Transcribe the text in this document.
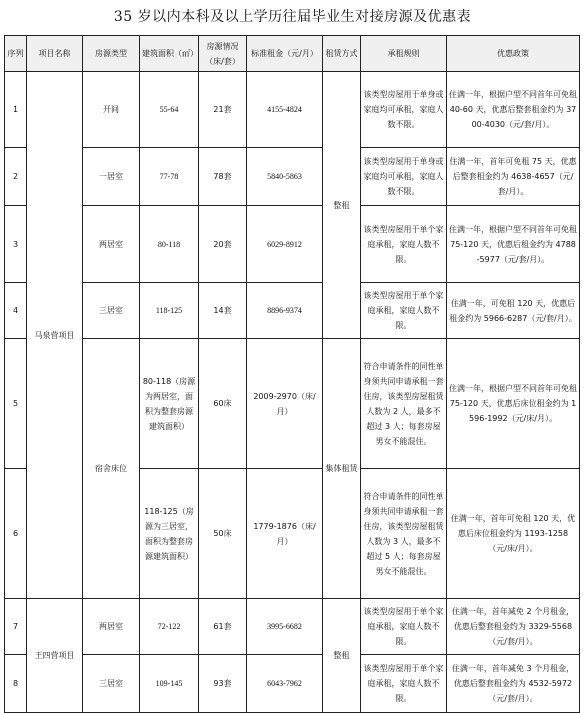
35 岁以内本科及以上学历往届毕业生对接房源及优惠表
序列	项目名称	房源类型	建筑面积（㎡）	房源情况（床/套）	标准租金（元/月）	租赁方式	承租规则	优惠政策
1	马泉营项目	开间	55-64	21套	4155-4824	整租	该类型房屋用于单身或家庭均可承租，家庭人数不限。	住满一年，根据户型不同首年可免租 40-60 天，优惠后整套租金约为 3700-4030（元/套/月）。
2		一居室	77-78	78套	5840-5863		该类型房屋用于单身或家庭均可承租，家庭人数不限。	住满一年，首年可免租 75 天，优惠后整套租金约为 4638-4657（元/套/月）。
3		两居室	80-118	20套	6029-8912		该类型房屋用于单个家庭承租，家庭人数不限。	住满一年，根据户型不同首年可免租 75-120 天，优惠后租金约为 4788-5977（元/套/月）。
4		三居室	118-125	14套	8896-9374		该类型房屋用于单个家庭承租，家庭人数不限。	住满一年，可免租 120 天，优惠后租金约为 5966-6287（元/套/月）。
5		宿舍床位	80-118（房源为两居室，面积为整套房源建筑面积）	60床	2009-2970（床/月）	集体租赁	符合申请条件的同性单身须共同申请承租一套住房，该类型房屋租赁人数为 2 人，最多不超过 3 人；每套房屋男女不能混住。	住满一年，根据户型不同首年可免租 75-120 天，优惠后床位租金约为 1596-1992（元/床/月）。
6			118-125（房源为三居室，面积为整套房源建筑面积）	50床	1779-1876（床/月）		符合申请条件的同性单身须共同申请承租一套住房，该类型房屋租赁人数为 3 人，最多不超过 5 人；每套房屋男女不能混住。	住满一年，首年可免租 120 天，优惠后床位租金约为 1193-1258（元/床/月）。
7	王四营项目	两居室	72-122	61套	3995-6682	整租	该类型房屋用于单个家庭承租，家庭人数不限。	住满一年，首年减免 2 个月租金，优惠后整套租金约为 3329-5568（元/套/月）。
8		三居室	109-145	93套	6043-7962		该类型房屋用于单个家庭承租，家庭人数不限。	住满一年，首年减免 3 个月租金，优惠后整套租金约为 4532-5972（元/套/月）。
